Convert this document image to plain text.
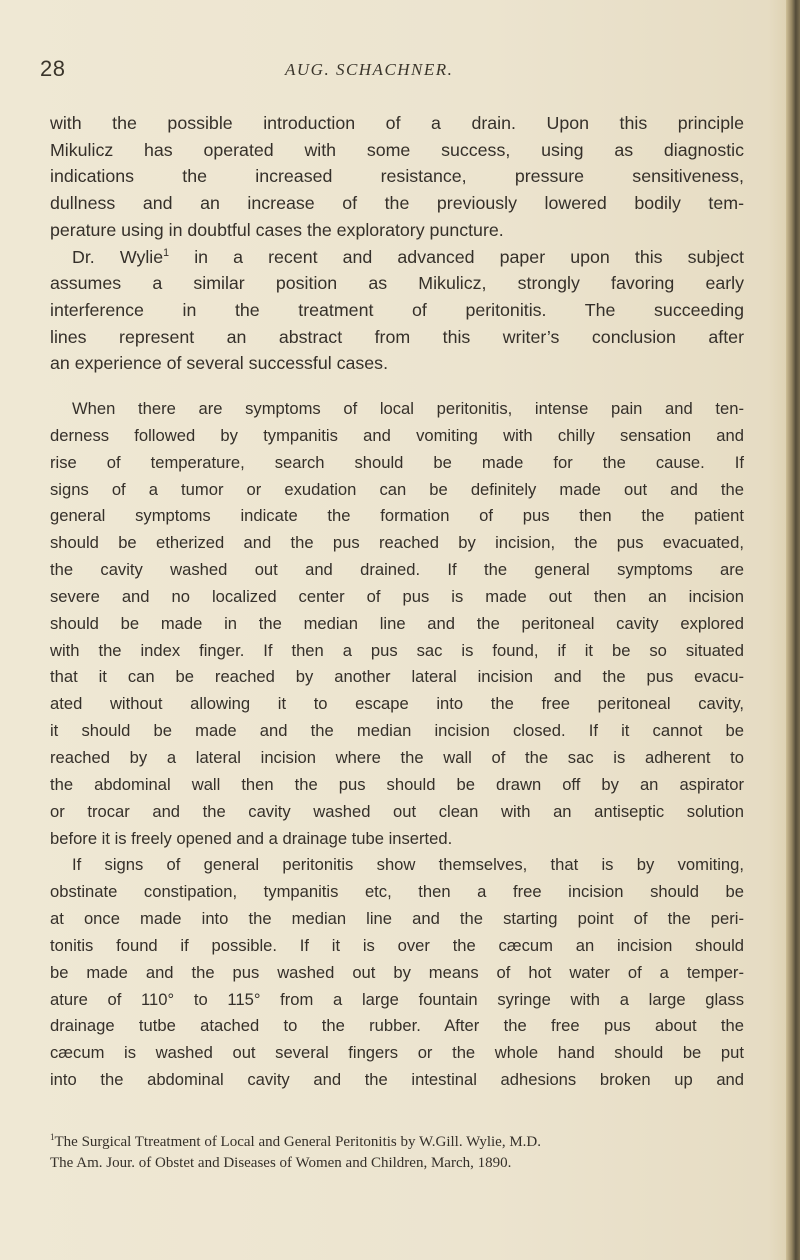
28	AUG. SCHACHNER.
with the possible introduction of a drain. Upon this principle
Mikulicz has operated with some success, using as diagnostic
indications the increased resistance, pressure sensitiveness,
dullness and an increase of the previously lowered bodily tem-
perature using in doubtful cases the exploratory puncture.
Dr. Wylie$^1$ in a recent and advanced paper upon this subject
assumes a similar position as Mikulicz, strongly favoring early
interference in the treatment of peritonitis. The succeeding
lines represent an abstract from this writer’s conclusion after
an experience of several successful cases.
When there are symptoms of local peritonitis, intense pain and ten-
derness followed by tympanitis and vomiting with chilly sensation and
rise of temperature, search should be made for the cause. If
signs of a tumor or exudation can be definitely made out and the
general symptoms indicate the formation of pus then the patient
should be etherized and the pus reached by incision, the pus evacuated,
the cavity washed out and drained. If the general symptoms are
severe and no localized center of pus is made out then an incision
should be made in the median line and the peritoneal cavity explored
with the index finger. If then a pus sac is found, if it be so situated
that it can be reached by another lateral incision and the pus evacu-
ated without allowing it to escape into the free peritoneal cavity,
it should be made and the median incision closed. If it cannot be
reached by a lateral incision where the wall of the sac is adherent to
the abdominal wall then the pus should be drawn off by an aspirator
or trocar and the cavity washed out clean with an antiseptic solution
before it is freely opened and a drainage tube inserted.
If signs of general peritonitis show themselves, that is by vomiting,
obstinate constipation, tympanitis etc, then a free incision should be
at once made into the median line and the starting point of the peri-
tonitis found if possible. If it is over the cæcum an incision should
be made and the pus washed out by means of hot water of a temper-
ature of 110° to 115° from a large fountain syringe with a large glass
drainage tutbe atached to the rubber. After the free pus about the
cæcum is washed out several fingers or the whole hand should be put
into the abdominal cavity and the intestinal adhesions broken up and
$^1$The Surgical Ttreatment of Local and General Peritonitis by W.Gill. Wylie, M.D.
The Am. Jour. of Obstet and Diseases of Women and Children, March, 1890.
